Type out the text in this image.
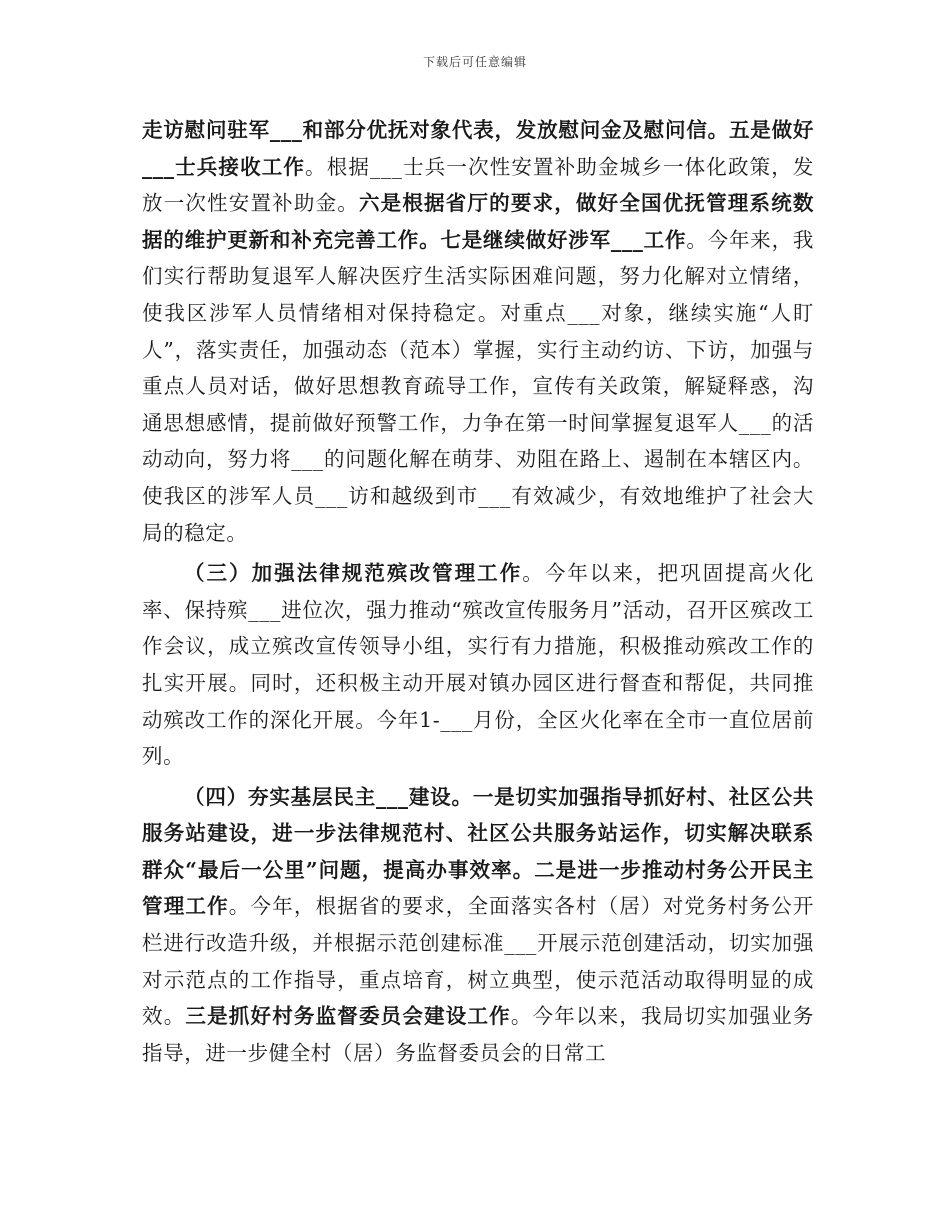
下载后可任意编辑

走访慰问驻军___和部分优抚对象代表，发放慰问金及慰问信。五是做好___士兵接收工作。根据___士兵一次性安置补助金城乡一体化政策，发放一次性安置补助金。六是根据省厅的要求，做好全国优抚管理系统数据的维护更新和补充完善工作。七是继续做好涉军___工作。今年来，我们实行帮助复退军人解决医疗生活实际困难问题，努力化解对立情绪，使我区涉军人员情绪相对保持稳定。对重点___对象，继续实施“人盯人”，落实责任，加强动态（范本）掌握，实行主动约访、下访，加强与重点人员对话，做好思想教育疏导工作，宣传有关政策，解疑释惑，沟通思想感情，提前做好预警工作，力争在第一时间掌握复退军人___的活动动向，努力将___的问题化解在萌芽、劝阻在路上、遏制在本辖区内。使我区的涉军人员___访和越级到市___有效减少，有效地维护了社会大局的稳定。

（三）加强法律规范殡改管理工作。今年以来，把巩固提高火化率、保持殡___进位次，强力推动“殡改宣传服务月”活动，召开区殡改工作会议，成立殡改宣传领导小组，实行有力措施，积极推动殡改工作的扎实开展。同时，还积极主动开展对镇办园区进行督查和帮促，共同推动殡改工作的深化开展。今年1-___月份，全区火化率在全市一直位居前列。

（四）夯实基层民主___建设。一是切实加强指导抓好村、社区公共服务站建设，进一步法律规范村、社区公共服务站运作，切实解决联系群众“最后一公里”问题，提高办事效率。二是进一步推动村务公开民主管理工作。今年，根据省的要求，全面落实各村（居）对党务村务公开栏进行改造升级，并根据示范创建标准___开展示范创建活动，切实加强对示范点的工作指导，重点培育，树立典型，使示范活动取得明显的成效。三是抓好村务监督委员会建设工作。今年以来，我局切实加强业务指导，进一步健全村（居）务监督委员会的日常工
